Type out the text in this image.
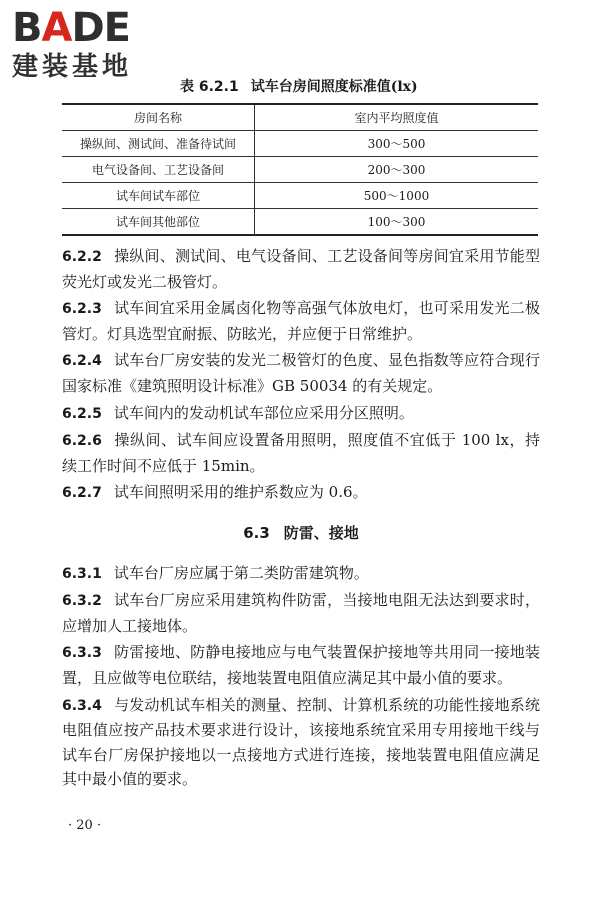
BADE
建装基地
表 6.2.1 试车台房间照度标准值(lx)
房间名称	室内平均照度值
操纵间、测试间、准备待试间	300～500
电气设备间、工艺设备间	200～300
试车间试车部位	500～1000
试车间其他部位	100～300

6.2.2 操纵间、测试间、电气设备间、工艺设备间等房间宜采用节能型荧光灯或发光二极管灯。

6.2.3 试车间宜采用金属卤化物等高强气体放电灯，也可采用发光二极管灯。灯具选型宜耐振、防眩光，并应便于日常维护。

6.2.4 试车台厂房安装的发光二极管灯的色度、显色指数等应符合现行国家标准《建筑照明设计标准》GB 50034 的有关规定。

6.2.5 试车间内的发动机试车部位应采用分区照明。

6.2.6 操纵间、试车间应设置备用照明，照度值不宜低于 100 lx，持续工作时间不应低于 15min。

6.2.7 试车间照明采用的维护系数应为 0.6。

6.3 防雷、接地

6.3.1 试车台厂房应属于第二类防雷建筑物。

6.3.2 试车台厂房应采用建筑构件防雷，当接地电阻无法达到要求时，应增加人工接地体。

6.3.3 防雷接地、防静电接地应与电气装置保护接地等共用同一接地装置，且应做等电位联结，接地装置电阻值应满足其中最小值的要求。

6.3.4 与发动机试车相关的测量、控制、计算机系统的功能性接地系统电阻值应按产品技术要求进行设计，该接地系统宜采用专用接地干线与试车台厂房保护接地以一点接地方式进行连接，接地装置电阻值应满足其中最小值的要求。

· 20 ·
